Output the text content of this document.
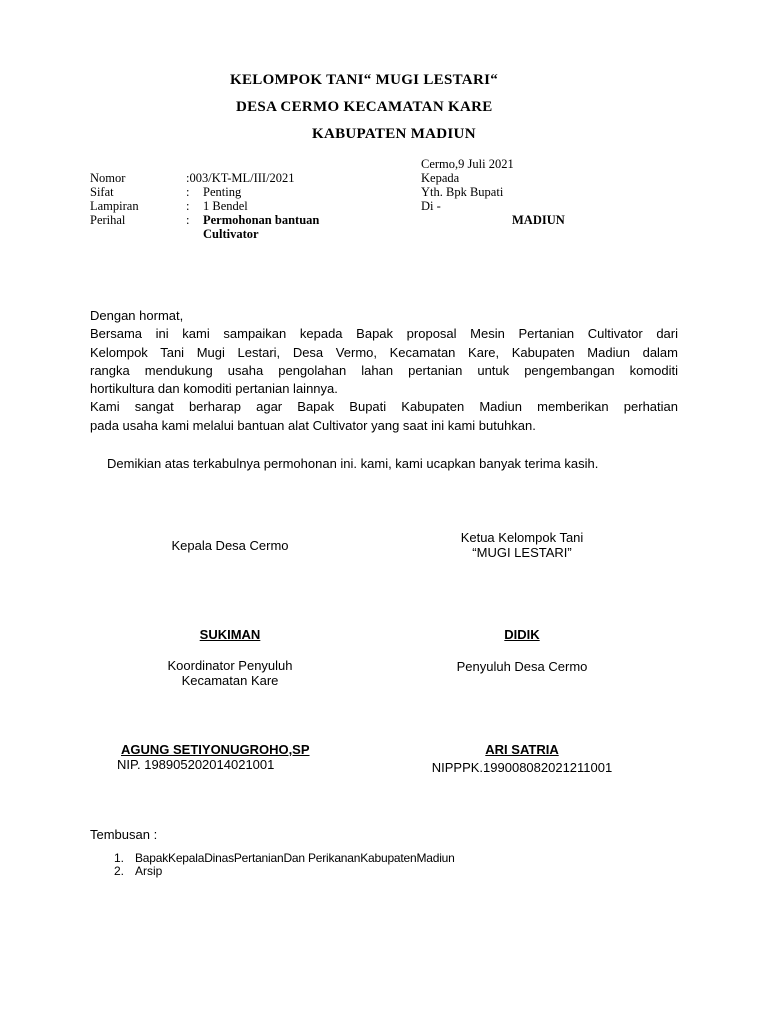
KELOMPOK TANI“ MUGI LESTARI“
DESA CERMO KECAMATAN KARE
KABUPATEN MADIUN
Nomor	:003/KT-ML/III/2021
Sifat	: Penting
Lampiran	: 1 Bendel
Perihal	: Permohonan bantuan
Cultivator
Cermo,9 Juli 2021
Kepada
Yth. Bpk Bupati
Di -
MADIUN

Dengan hormat,

Bersama ini kami sampaikan kepada Bapak proposal Mesin Pertanian Cultivator dari

Kelompok Tani Mugi Lestari, Desa Vermo, Kecamatan Kare, Kabupaten Madiun dalam

rangka mendukung usaha pengolahan lahan pertanian untuk pengembangan komoditi

hortikultura dan komoditi pertanian lainnya.

Kami sangat berharap agar Bapak Bupati Kabupaten Madiun memberikan perhatian

pada usaha kami melalui bantuan alat Cultivator yang saat ini kami butuhkan.

Demikian atas terkabulnya permohonan ini. kami, kami ucapkan banyak terima kasih.
Kepala Desa Cermo
Ketua Kelompok Tani
“MUGI LESTARI”
SUKIMAN	DIDIK
Koordinator Penyuluh
Kecamatan Kare
Penyuluh Desa Cermo
AGUNG SETIYONUGROHO,SP
NIP. 198905202014021001
ARI SATRIA
NIPPPK.199008082021211001
Tembusan :
1. BapakKepalaDinasPertanianDan PerikananKabupatenMadiun
2. Arsip
